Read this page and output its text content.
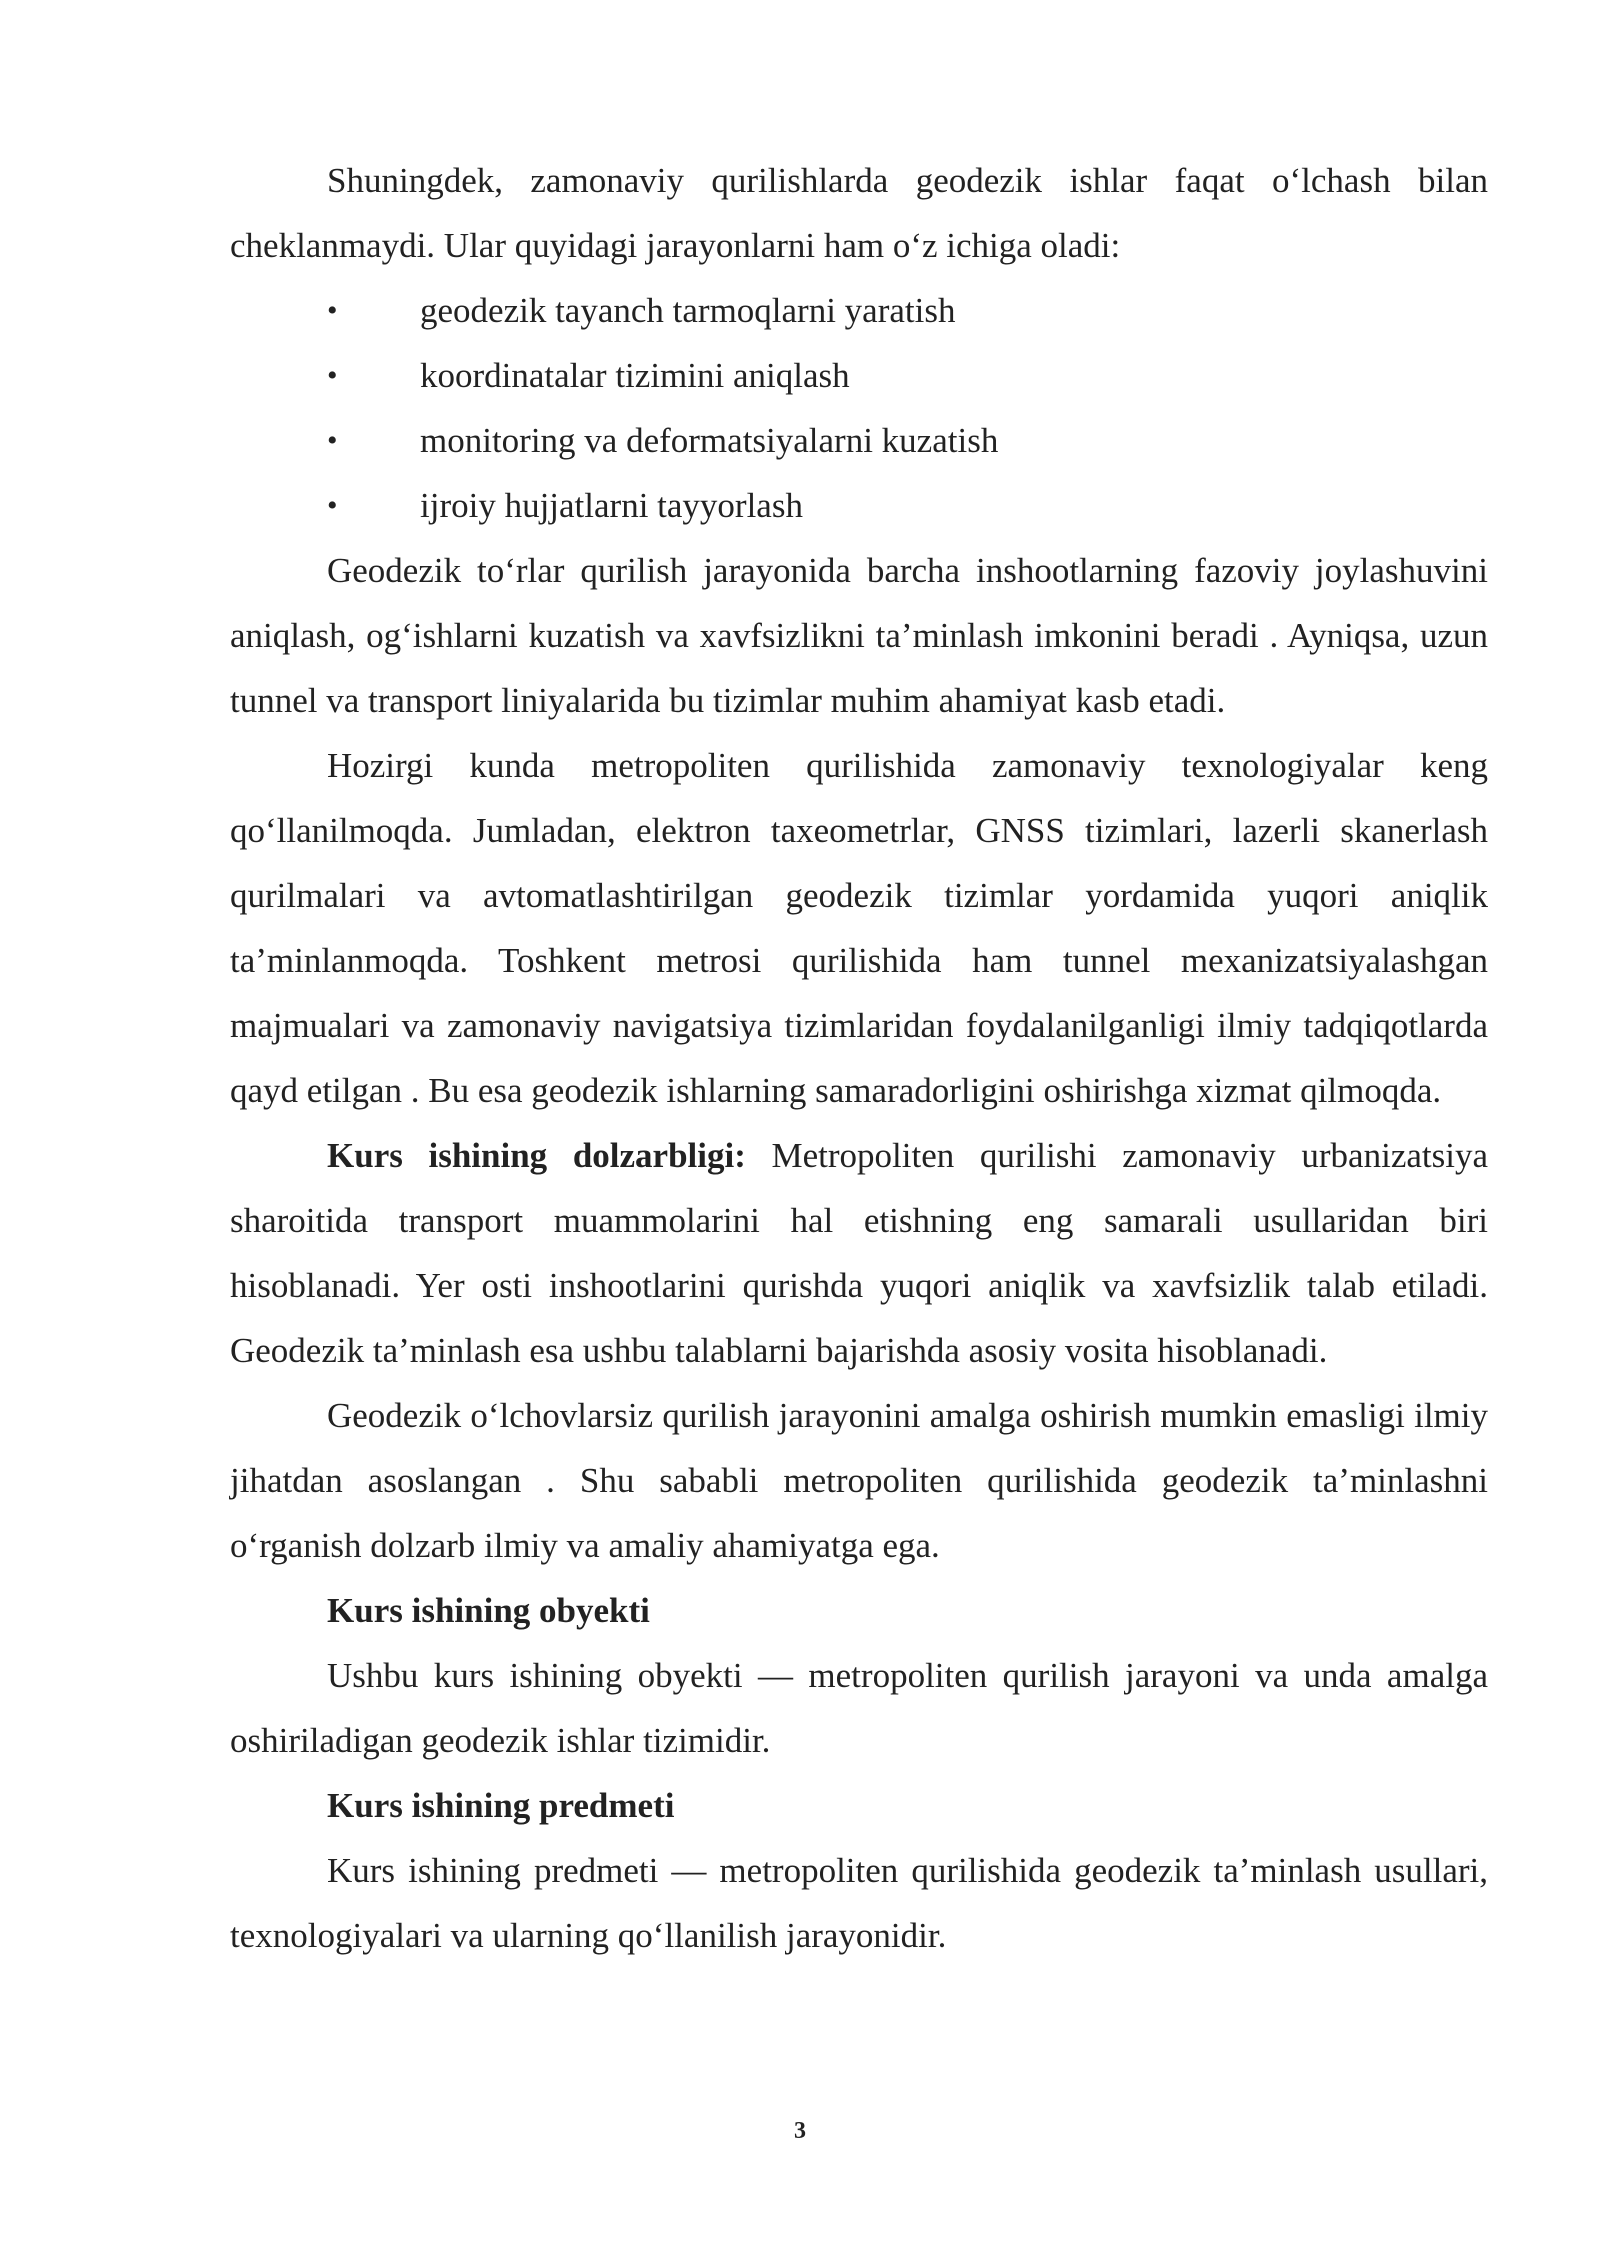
Shuningdek, zamonaviy qurilishlarda geodezik ishlar faqat o‘lchash bilan cheklanmaydi. Ular quyidagi jarayonlarni ham o‘z ichiga oladi:

• geodezik tayanch tarmoqlarni yaratish
• koordinatalar tizimini aniqlash
• monitoring va deformatsiyalarni kuzatish
• ijroiy hujjatlarni tayyorlash

Geodezik to‘rlar qurilish jarayonida barcha inshootlarning fazoviy joylashuvini aniqlash, og‘ishlarni kuzatish va xavfsizlikni ta’minlash imkonini beradi . Ayniqsa, uzun tunnel va transport liniyalarida bu tizimlar muhim ahamiyat kasb etadi.

Hozirgi kunda metropoliten qurilishida zamonaviy texnologiyalar keng qo‘llanilmoqda. Jumladan, elektron taxeometrlar, GNSS tizimlari, lazerli skanerlash qurilmalari va avtomatlashtirilgan geodezik tizimlar yordamida yuqori aniqlik ta’minlanmoqda. Toshkent metrosi qurilishida ham tunnel mexanizatsiyalashgan majmualari va zamonaviy navigatsiya tizimlaridan foydalanilganligi ilmiy tadqiqotlarda qayd etilgan . Bu esa geodezik ishlarning samaradorligini oshirishga xizmat qilmoqda.

Kurs ishining dolzarbligi: Metropoliten qurilishi zamonaviy urbanizatsiya sharoitida transport muammolarini hal etishning eng samarali usullaridan biri hisoblanadi. Yer osti inshootlarini qurishda yuqori aniqlik va xavfsizlik talab etiladi. Geodezik ta’minlash esa ushbu talablarni bajarishda asosiy vosita hisoblanadi.

Geodezik o‘lchovlarsiz qurilish jarayonini amalga oshirish mumkin emasligi ilmiy jihatdan asoslangan . Shu sababli metropoliten qurilishida geodezik ta’minlashni o‘rganish dolzarb ilmiy va amaliy ahamiyatga ega.

Kurs ishining obyekti

Ushbu kurs ishining obyekti — metropoliten qurilish jarayoni va unda amalga oshiriladigan geodezik ishlar tizimidir.

Kurs ishining predmeti

Kurs ishining predmeti — metropoliten qurilishida geodezik ta’minlash usullari, texnologiyalari va ularning qo‘llanilish jarayonidir.

3
